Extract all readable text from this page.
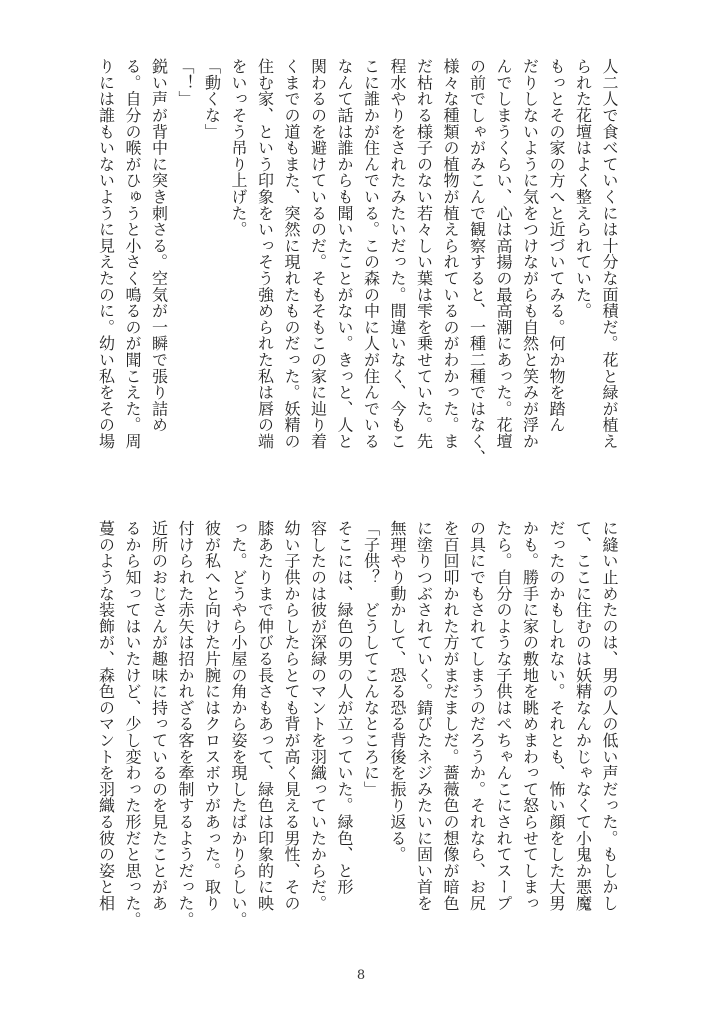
人二人で食べていくには十分な面積だ。花と緑が植え
られた花壇はよく整えられていた。
もっとその家の方へと近づいてみる。何か物を踏ん
だりしないように気をつけながらも自然と笑みが浮か
んでしまうくらい、心は高揚の最高潮にあった。花壇
の前でしゃがみこんで観察すると、一種二種ではなく、
様々な種類の植物が植えられているのがわかった。ま
だ枯れる様子のない若々しい葉は雫を乗せていた。先
程水やりをされたみたいだった。間違いなく、今もこ
こに誰かが住んでいる。この森の中に人が住んでいる
なんて話は誰からも聞いたことがない。きっと、人と
関わるのを避けているのだ。そもそもこの家に辿り着
くまでの道もまた、突然に現れたものだった。妖精の
住む家、という印象をいっそう強められた私は唇の端
をいっそう吊り上げた。
「動くな」
「！」
鋭い声が背中に突き刺さる。空気が一瞬で張り詰め
る。自分の喉がひゅうと小さく鳴るのが聞こえた。周
りには誰もいないように見えたのに。幼い私をその場
に縫い止めたのは、男の人の低い声だった。もしかし
て、ここに住むのは妖精なんかじゃなくて小鬼か悪魔
だったのかもしれない。それとも、怖い顔をした大男
かも。勝手に家の敷地を眺めまわって怒らせてしまっ
たら。自分のような子供はぺちゃんこにされてスープ
の具にでもされてしまうのだろうか。それなら、お尻
を百回叩かれた方がまだましだ。薔薇色の想像が暗色
に塗りつぶされていく。錆びたネジみたいに固い首を
無理やり動かして、恐る恐る背後を振り返る。
「子供？　どうしてこんなところに」
そこには、緑色の男の人が立っていた。緑色、と形
容したのは彼が深緑のマントを羽織っていたからだ。
幼い子供からしたらとても背が高く見える男性、その
膝あたりまで伸びる長さもあって、緑色は印象的に映
った。どうやら小屋の角から姿を現したばかりらしい。
彼が私へと向けた片腕にはクロスボウがあった。取り
付けられた赤矢は招かれざる客を牽制するようだった。
近所のおじさんが趣味に持っているのを見たことがあ
るから知ってはいたけど、少し変わった形だと思った。
蔓のような装飾が、森色のマントを羽織る彼の姿と相
8
